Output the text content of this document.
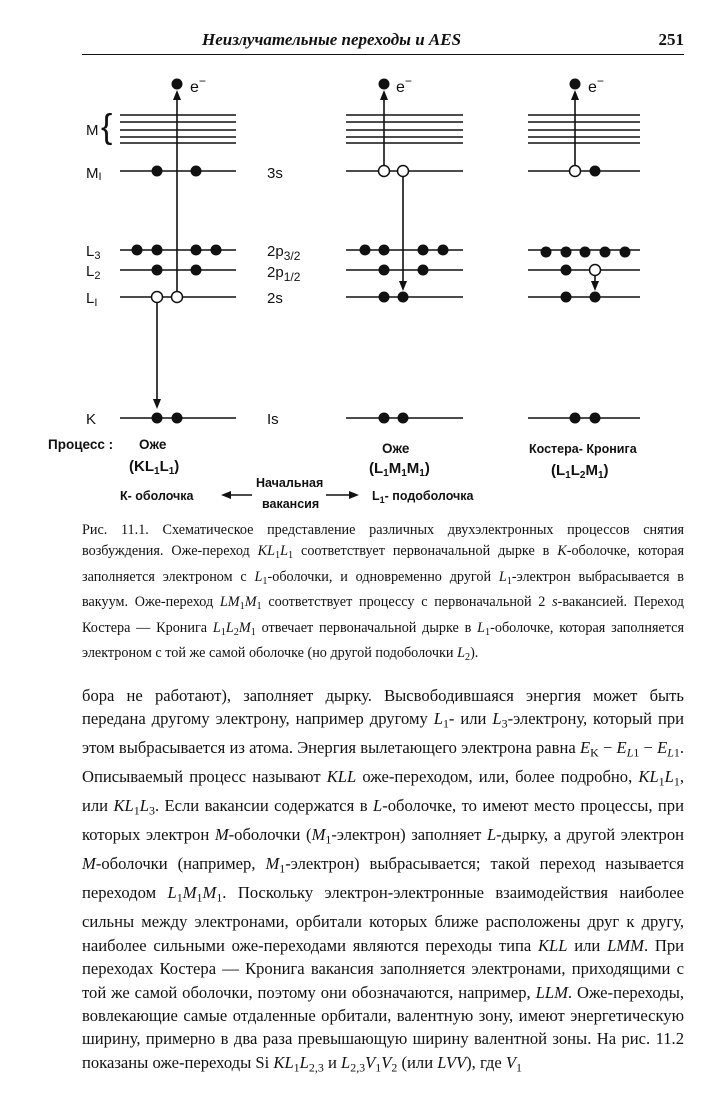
Неизлучательные переходы и AES	251
M {
MI
$L_3$
$L_2$
$L_I$
K
3s
$2p_{3/2}$
$2p_{1/2}$
2s
Is
e−	e−	e−
Процесс : Оже
$(KL_1L_1)$
Оже
$(L_1M_1M_1)$
Костера- Кронига
$(L_1L_2M_1)$
Начальная
вакансия
К- оболочка	$L_1-$ подоболочка
Рис. 11.1. Схематическое представление различных двухэлектронных процессов снятия возбуждения. Оже-переход $KL_1L_1$ соответствует первоначальной дырке в K-оболочке, которая заполняется электроном с $L_1$-оболочки, и одновременно другой $L_1$-электрон выбрасывается в вакуум. Оже-переход $LM_1M_1$ соответствует процессу с первоначальной 2 s-вакансией. Переход Костера — Кронига $L_1L_2M_1$ отвечает первоначальной дырке в $L_1$-оболочке, которая заполняется электроном с той же самой оболочке (но другой подоболочки $L_2$).

бора не работают), заполняет дырку. Высвободившаяся энергия может быть передана другому электрону, например другому $L_1-$ или $L_3$-электрону, который при этом выбрасывается из атома. Энергия вылетающего электрона равна $E_K - E_{L1} - E_{L1}$. Описываемый процесс называют KLL оже-переходом, или, более подробно, $KL_1L_1$, или $KL_1L_3$. Если вакансии содержатся в L-оболочке, то имеют место процессы, при которых электрон M-оболочки $(M_1-электрон)$ заполняет L-дырку, а другой электрон M-оболочки (например, $M_1-электрон$) выбрасывается; такой переход называется переходом $L_1M_1M_1$. Поскольку электрон-электронные взаимодействия наиболее сильны между электронами, орбитали которых ближе расположены друг к другу, наиболее сильными оже-переходами являются переходы типа KLL или LMM. При переходах Костера — Кронига вакансия заполняется электронами, приходящими с той же самой оболочки, поэтому они обозначаются, например, LLM. Оже-переходы, вовлекающие самые отдаленные орбитали, валентную зону, имеют энергетическую ширину, примерно в два раза превышающую ширину валентной зоны. На рис. 11.2 показаны оже-переходы Si $KL_1L_{2,3}$ и $L_{2,3}V_1V_2$ (или LVV), где $V_1$
